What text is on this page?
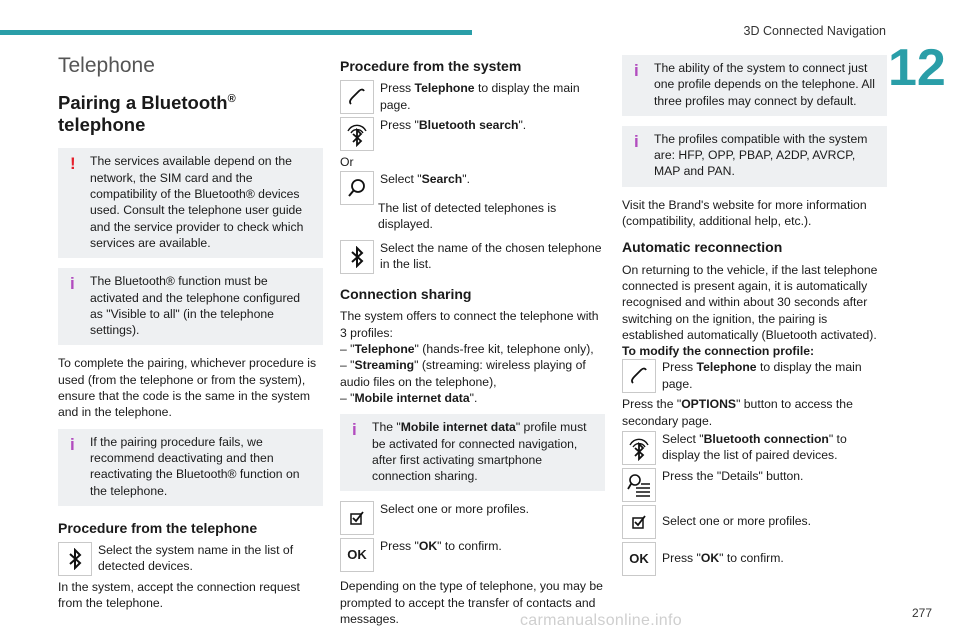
3D Connected Navigation
12
277
carmanualsonline.info
Telephone
Pairing a Bluetooth®
telephone
!	The services available depend on the network, the SIM card and the compatibility of the Bluetooth® devices used. Consult the telephone user guide and the service provider to check which services are available.
i	The Bluetooth® function must be activated and the telephone configured as "Visible to all" (in the telephone settings).

To complete the pairing, whichever procedure is used (from the telephone or from the system), ensure that the code is the same in the system and in the telephone.

i	If the pairing procedure fails, we recommend deactivating and then reactivating the Bluetooth® function on the telephone.
Procedure from the telephone
Select the system name in the list of detected devices.

In the system, accept the connection request from the telephone.

Procedure from the system
Press Telephone to display the main page.
Press "Bluetooth search".

Or

Select "Search".

The list of detected telephones is displayed.

Select the name of the chosen telephone in the list.
Connection sharing

The system offers to connect the telephone with 3 profiles:

– "Telephone" (hands-free kit, telephone only),
– "Streaming" (streaming: wireless playing of audio files on the telephone),
– "Mobile internet data".
i	The "Mobile internet data" profile must be activated for connected navigation, after first activating smartphone connection sharing.
Select one or more profiles.
OK
Press "OK" to confirm.

Depending on the type of telephone, you may be prompted to accept the transfer of contacts and messages.

i	The ability of the system to connect just one profile depends on the telephone. All three profiles may connect by default.
i	The profiles compatible with the system are: HFP, OPP, PBAP, A2DP, AVRCP, MAP and PAN.

Visit the Brand's website for more information (compatibility, additional help, etc.).

Automatic reconnection

On returning to the vehicle, if the last telephone connected is present again, it is automatically recognised and within about 30 seconds after switching on the ignition, the pairing is established automatically (Bluetooth activated).

To modify the connection profile:
Press Telephone to display the main page.

Press the "OPTIONS" button to access the secondary page.

Select "Bluetooth connection" to display the list of paired devices.
Press the "Details" button.
Select one or more profiles.
OK	Press "OK" to confirm.
